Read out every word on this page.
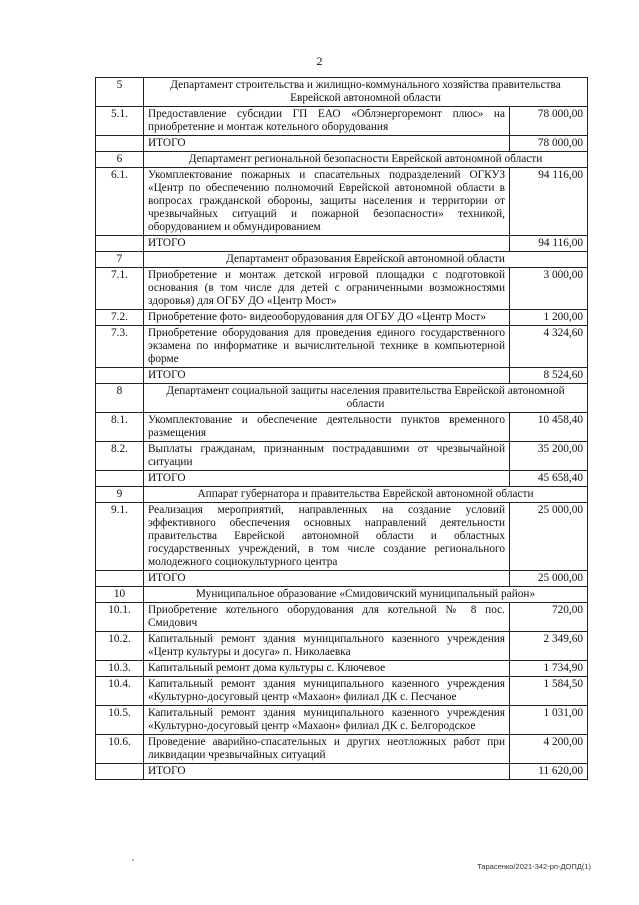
2
5	Департамент строительства и жилищно-коммунального хозяйства правительства Еврейской автономной области	
5.1.	Предоставление субсидии ГП ЕАО «Облэнергоремонт плюс» на приобретение и монтаж котельного оборудования	78 000,00
	ИТОГО	78 000,00
6	Департамент региональной безопасности Еврейской автономной области	
6.1.	Укомплектование пожарных и спасательных подразделений ОГКУЗ «Центр по обеспечению полномочий Еврейской автономной области в вопросах гражданской обороны, защиты населения и территории от чрезвычайных ситуаций и пожарной безопасности» техникой, оборудованием и обмундированием	94 116,00
	ИТОГО	94 116,00
7	Департамент образования Еврейской автономной области	
7.1.	Приобретение и монтаж детской игровой площадки с подготовкой основания (в том числе для детей с ограниченными возможностями здоровья) для ОГБУ ДО «Центр Мост»	3 000,00
7.2.	Приобретение фото- видеооборудования для ОГБУ ДО «Центр Мост»	1 200,00
7.3.	Приобретение оборудования для проведения единого государственного экзамена по информатике и вычислительной технике в компьютерной форме	4 324,60
	ИТОГО	8 524,60
8	Департамент социальной защиты населения правительства Еврейской автономной области	
8.1.	Укомплектование и обеспечение деятельности пунктов временного размещения	10 458,40
8.2.	Выплаты гражданам, признанным пострадавшими от чрезвычайной ситуации	35 200,00
	ИТОГО	45 658,40
9	Аппарат губернатора и правительства Еврейской автономной области	
9.1.	Реализация мероприятий, направленных на создание условий эффективного обеспечения основных направлений деятельности правительства Еврейской автономной области и областных государственных учреждений, в том числе создание регионального молодежного социокультурного центра	25 000,00
	ИТОГО	25 000,00
10	Муниципальное образование «Смидовичский муниципальный район»	
10.1.	Приобретение котельного оборудования для котельной № 8 пос. Смидович	720,00
10.2.	Капитальный ремонт здания муниципального казенного учреждения «Центр культуры и досуга» п. Николаевка	2 349,60
10.3.	Капитальный ремонт дома культуры с. Ключевое	1 734,90
10.4.	Капитальный ремонт здания муниципального казенного учреждения «Культурно-досуговый центр «Махаон» филиал ДК с. Песчаное	1 584,50
10.5.	Капитальный ремонт здания муниципального казенного учреждения «Культурно-досуговый центр «Махаон» филиал ДК с. Белгородское	1 031,00
10.6.	Проведение аварийно-спасательных и других неотложных работ при ликвидации чрезвычайных ситуаций	4 200,00
	ИТОГО	11 620,00
,
Тарасенко/2021-342-рп-ДОПД(1)
